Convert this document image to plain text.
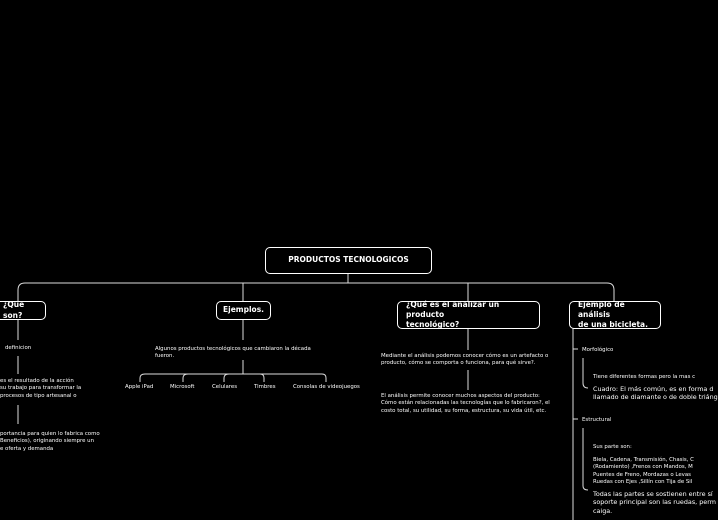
PRODUCTOS TECNOLOGICOS
¿Que son?
definicion
es el resultado de la acción
su trabajo para transformar la
procesos de tipo artesanal o
portancia para quien lo fabrica como
Beneficios), originando siempre un
e oferta y demanda
Ejemplos.
Algunos productos tecnológicos que cambiaron la década
fueron.
Apple iPad	Microsoft	Celulares	Timbres	Consolas de videojuegos
¿Qué es el analizar un producto
tecnológico?
Mediante el análisis podemos conocer cómo es un artefacto o
producto, cómo se comporta o funciona, para qué sirve?.
El análisis permite conocer muchos aspectos del producto:
Cómo están relacionadas las tecnologías que lo fabricaron?, el
costo total, su utilidad, su forma, estructura, su vida útil, etc.
Ejemplo de análisis
de una bicicleta.
Morfológico
Tiene diferentes formas pero la mas c
Cuadro: El más común, es en forma d
llamado de diamante o de doble triáng
Estructural
Sus parte son:
Biela, Cadena, Transmisión, Chasis, C
(Rodamiento) ,Frenos con Mandos, M
Puentes de Freno, Mordazas o Levas
Ruedas con Ejes ,Sillín con Tija de Sil
Todas las partes se sostienen entre sí
soporte principal son las ruedas, perm
caiga.
